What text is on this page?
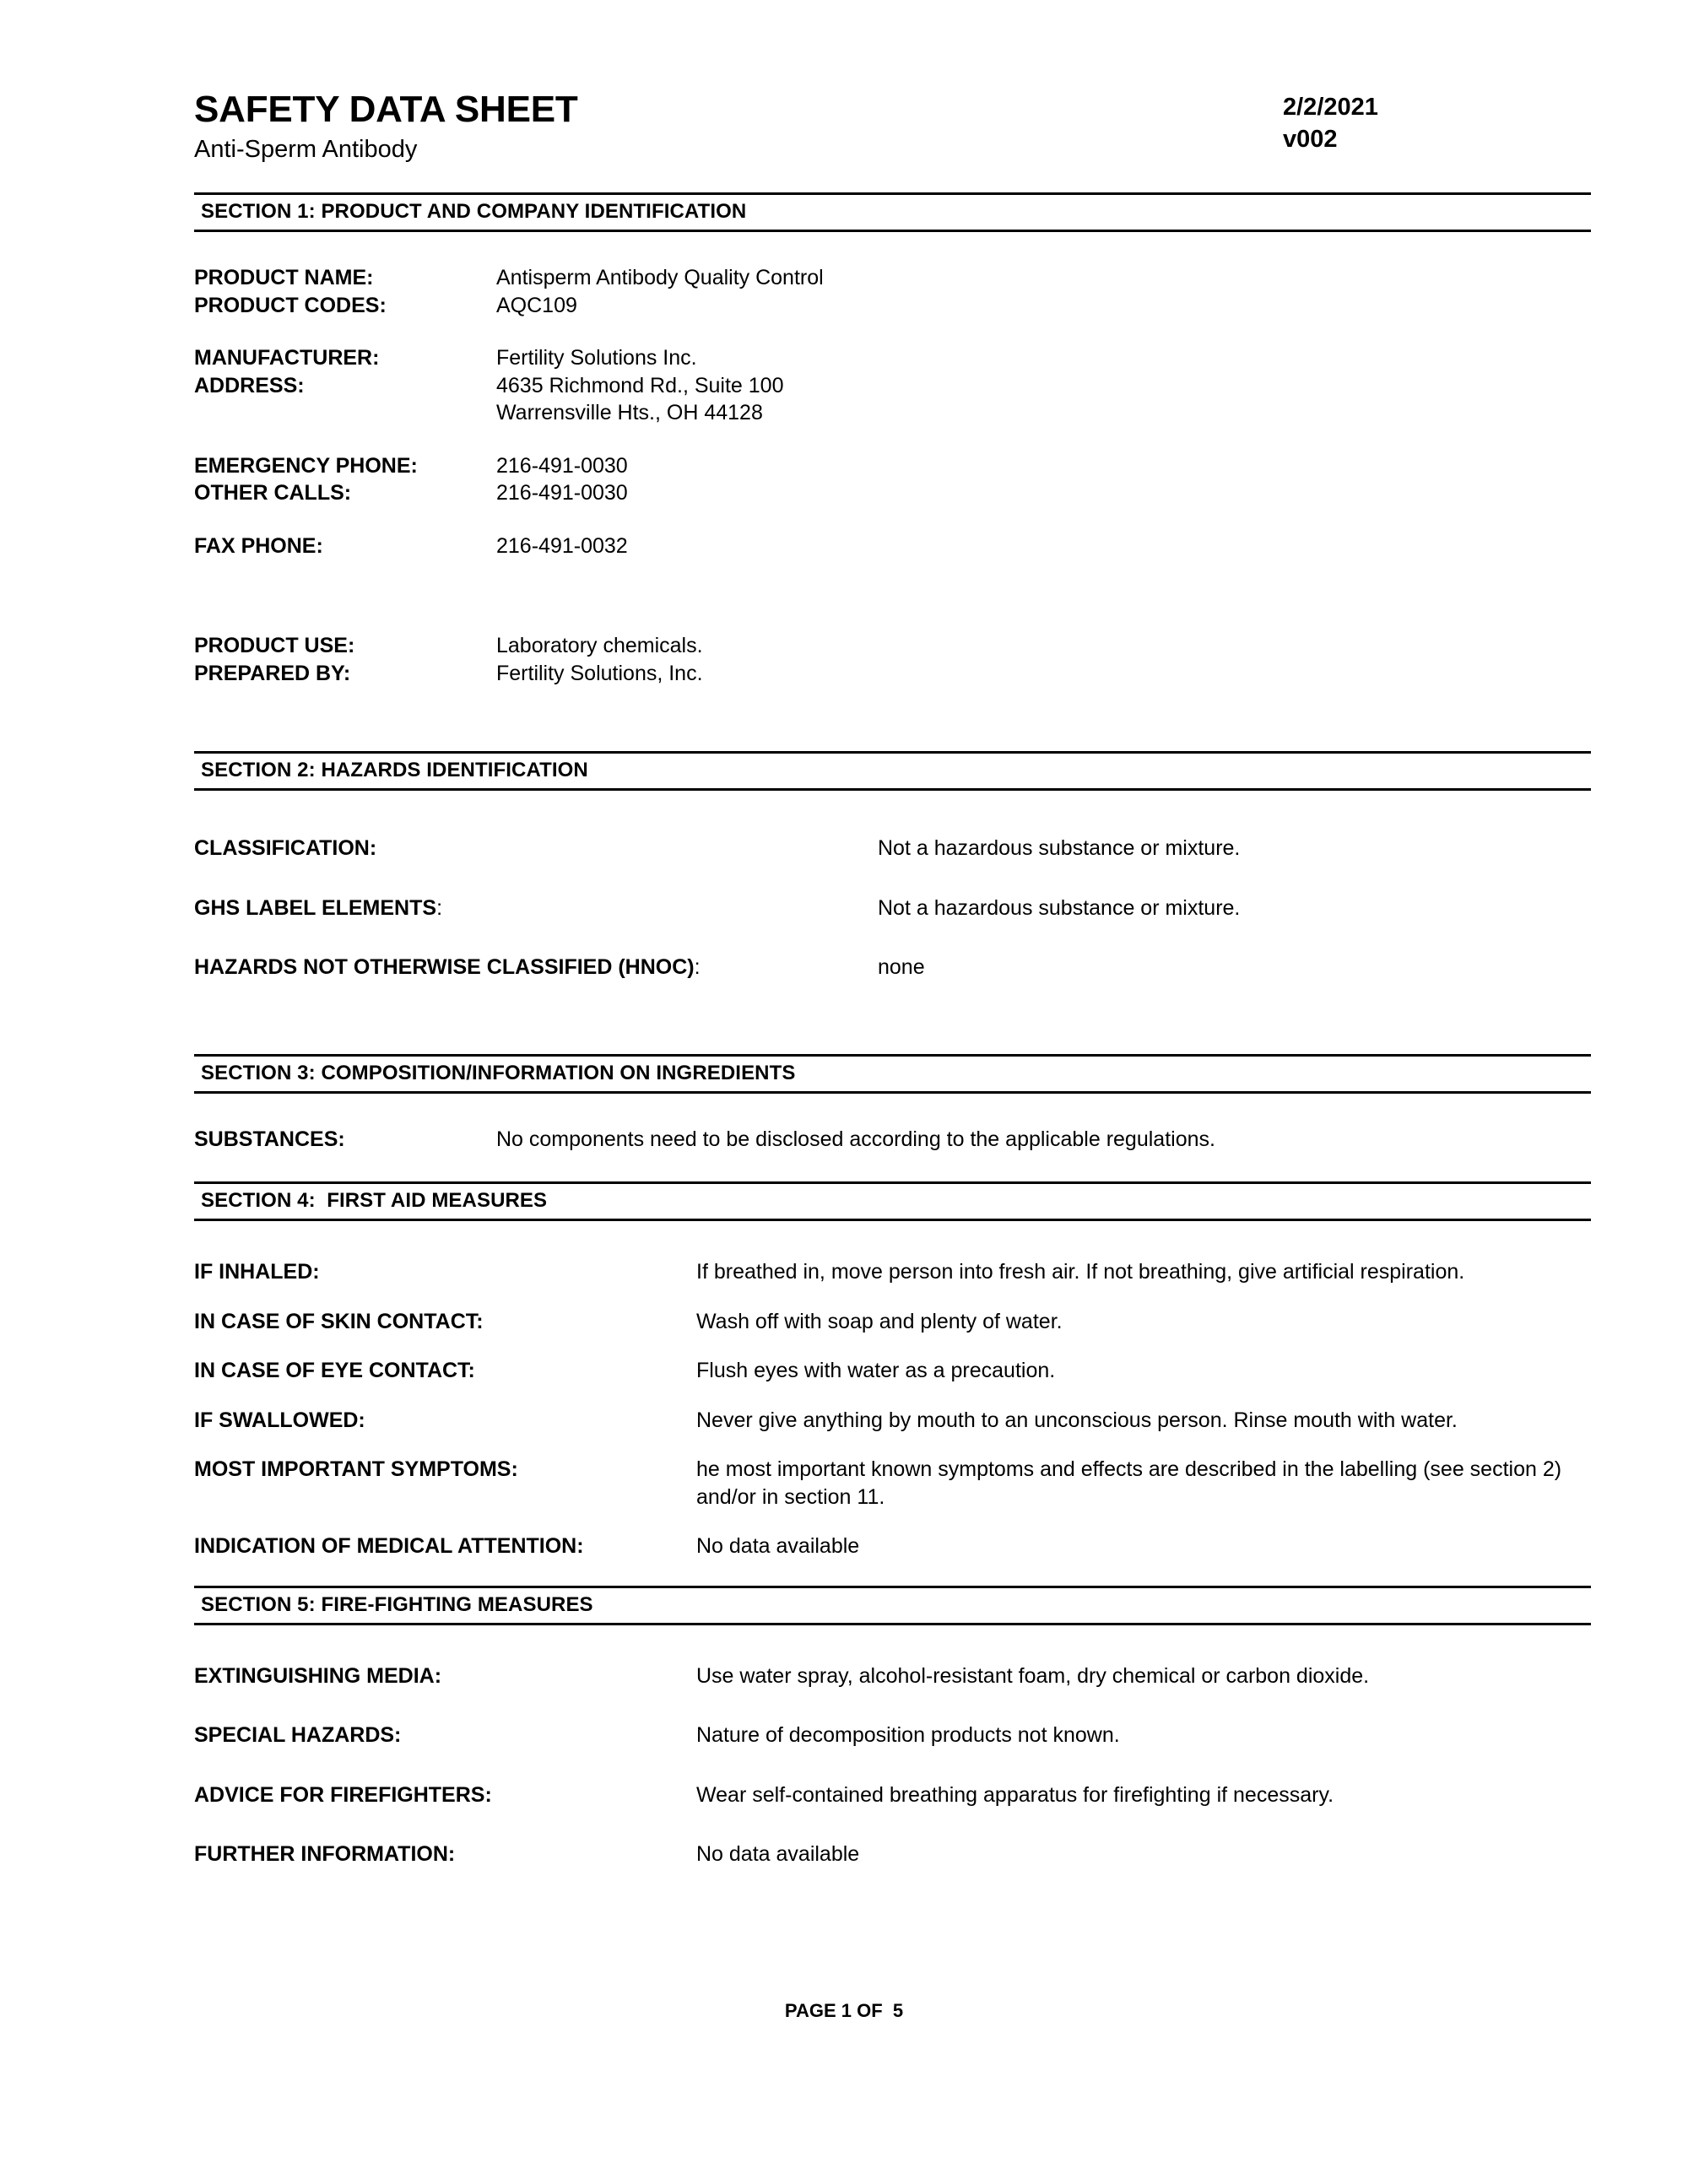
SAFETY DATA SHEET
Anti-Sperm Antibody
2/2/2021
v002
SECTION 1: PRODUCT AND COMPANY IDENTIFICATION
PRODUCT NAME:	Antisperm Antibody Quality Control
PRODUCT CODES:	AQC109
MANUFACTURER:	Fertility Solutions Inc.
ADDRESS:	4635 Richmond Rd., Suite 100
Warrensville Hts., OH 44128
EMERGENCY PHONE:	216-491-0030
OTHER CALLS:	216-491-0030
FAX PHONE:	216-491-0032
PRODUCT USE:	Laboratory chemicals.
PREPARED BY:	Fertility Solutions, Inc.
SECTION 2: HAZARDS IDENTIFICATION
CLASSIFICATION:	Not a hazardous substance or mixture.
GHS LABEL ELEMENTS:	Not a hazardous substance or mixture.
HAZARDS NOT OTHERWISE CLASSIFIED (HNOC):	none
SECTION 3: COMPOSITION/INFORMATION ON INGREDIENTS
SUBSTANCES:	No components need to be disclosed according to the applicable regulations.
SECTION 4:  FIRST AID MEASURES
IF INHALED:	If breathed in, move person into fresh air. If not breathing, give artificial respiration.
IN CASE OF SKIN CONTACT:	Wash off with soap and plenty of water.
IN CASE OF EYE CONTACT:	Flush eyes with water as a precaution.
IF SWALLOWED:	Never give anything by mouth to an unconscious person. Rinse mouth with water.
MOST IMPORTANT SYMPTOMS:	he most important known symptoms and effects are described in the labelling (see section 2) and/or in section 11.
INDICATION OF MEDICAL ATTENTION:	No data available
SECTION 5: FIRE-FIGHTING MEASURES
EXTINGUISHING MEDIA:	Use water spray, alcohol-resistant foam, dry chemical or carbon dioxide.
SPECIAL HAZARDS:	Nature of decomposition products not known.
ADVICE FOR FIREFIGHTERS:	Wear self-contained breathing apparatus for firefighting if necessary.
FURTHER INFORMATION:	No data available
PAGE 1 OF  5
